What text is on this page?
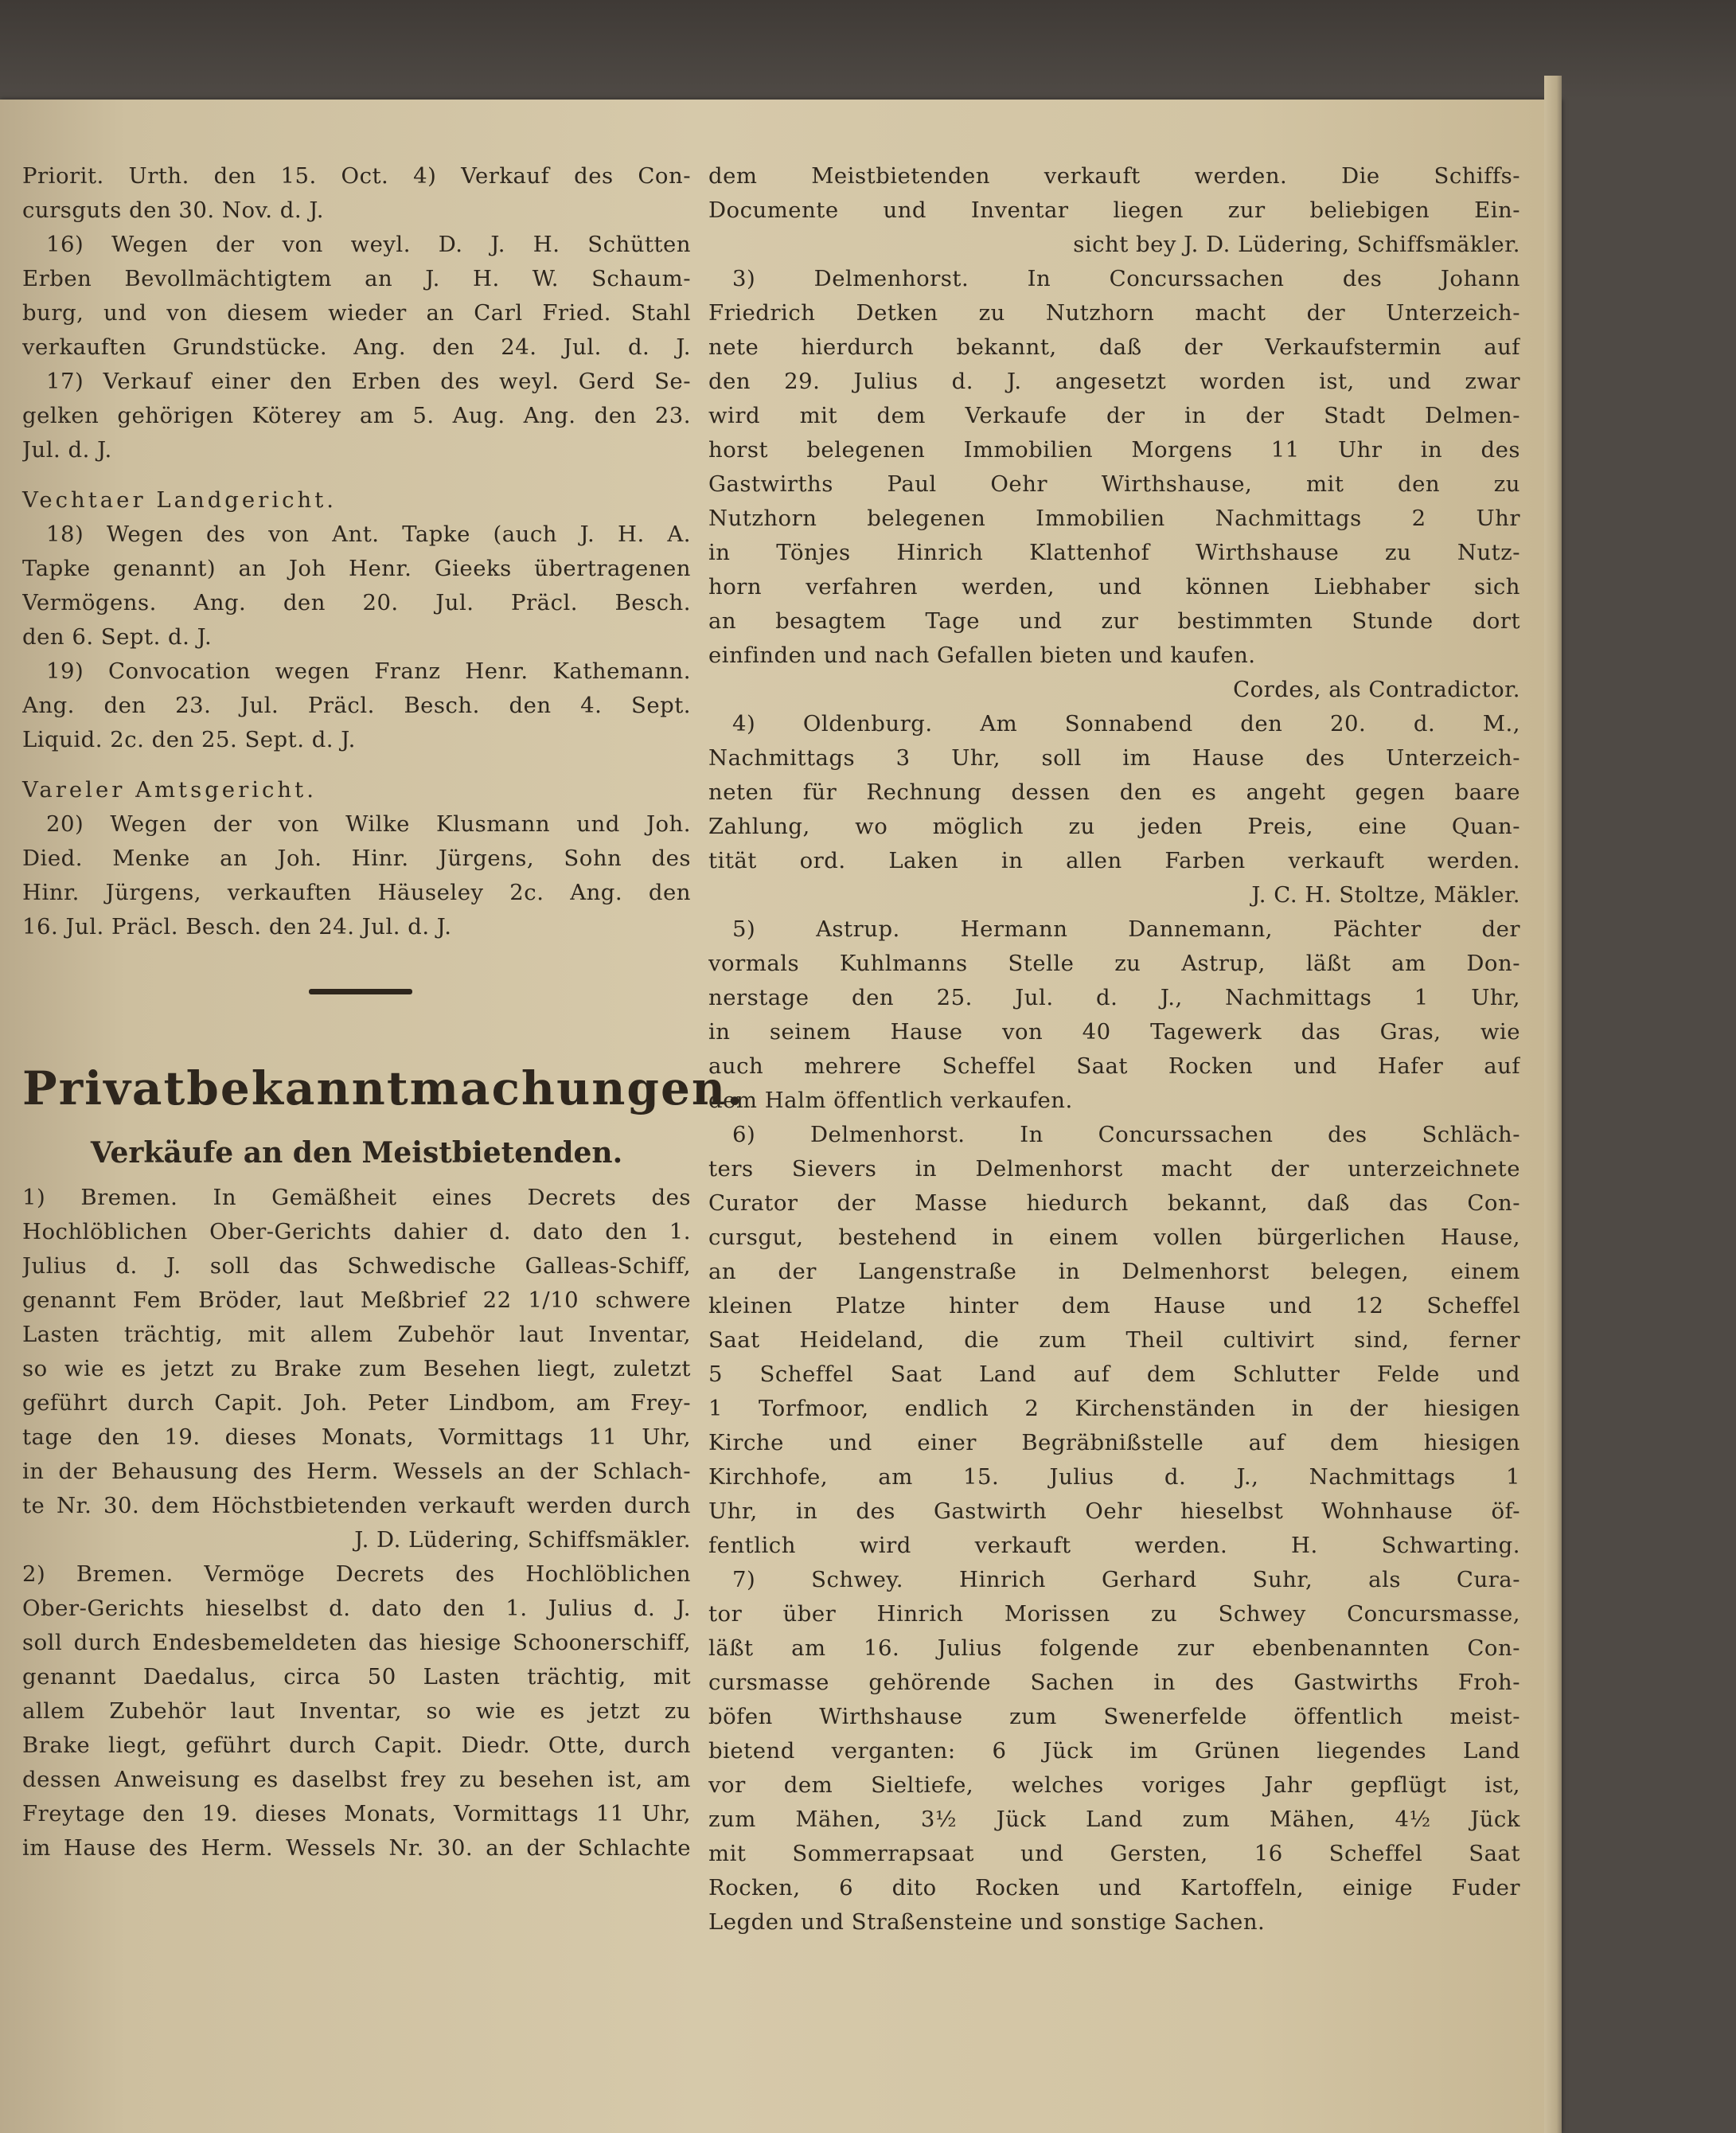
Priorit. Urth. den 15. Oct. 4) Verkauf des Con-
cursguts den 30. Nov. d. J.
16) Wegen der von weyl. D. J. H. Schütten
Erben Bevollmächtigtem an J. H. W. Schaum-
burg, und von diesem wieder an Carl Fried. Stahl
verkauften Grundstücke. Ang. den 24. Jul. d. J.
17) Verkauf einer den Erben des weyl. Gerd Se-
gelken gehörigen Köterey am 5. Aug. Ang. den 23.
Jul. d. J.
Vechtaer Landgericht.
18) Wegen des von Ant. Tapke (auch J. H. A.
Tapke genannt) an Joh Henr. Gieeks übertragenen
Vermögens. Ang. den 20. Jul. Präcl. Besch.
den 6. Sept. d. J.
19) Convocation wegen Franz Henr. Kathemann.
Ang. den 23. Jul. Präcl. Besch. den 4. Sept.
Liquid. 2c. den 25. Sept. d. J.
Vareler Amtsgericht.
20) Wegen der von Wilke Klusmann und Joh.
Died. Menke an Joh. Hinr. Jürgens, Sohn des
Hinr. Jürgens, verkauften Häuseley 2c. Ang. den
16. Jul. Präcl. Besch. den 24. Jul. d. J.
Privatbekanntmachungen.
Verkäufe an den Meistbietenden.
1) Bremen. In Gemäßheit eines Decrets des
Hochlöblichen Ober-Gerichts dahier d. dato den 1.
Julius d. J. soll das Schwedische Galleas-Schiff,
genannt Fem Bröder, laut Meßbrief 22 1/10 schwere
Lasten trächtig, mit allem Zubehör laut Inventar,
so wie es jetzt zu Brake zum Besehen liegt, zuletzt
geführt durch Capit. Joh. Peter Lindbom, am Frey-
tage den 19. dieses Monats, Vormittags 11 Uhr,
in der Behausung des Herm. Wessels an der Schlach-
te Nr. 30. dem Höchstbietenden verkauft werden durch
J. D. Lüdering, Schiffsmäkler.
2) Bremen. Vermöge Decrets des Hochlöblichen
Ober-Gerichts hieselbst d. dato den 1. Julius d. J.
soll durch Endesbemeldeten das hiesige Schoonerschiff,
genannt Daedalus, circa 50 Lasten trächtig, mit
allem Zubehör laut Inventar, so wie es jetzt zu
Brake liegt, geführt durch Capit. Diedr. Otte, durch
dessen Anweisung es daselbst frey zu besehen ist, am
Freytage den 19. dieses Monats, Vormittags 11 Uhr,
im Hause des Herm. Wessels Nr. 30. an der Schlachte
dem Meistbietenden verkauft werden. Die Schiffs-
Documente und Inventar liegen zur beliebigen Ein-
sicht bey J. D. Lüdering, Schiffsmäkler.
3) Delmenhorst. In Concurssachen des Johann
Friedrich Detken zu Nutzhorn macht der Unterzeich-
nete hierdurch bekannt, daß der Verkaufstermin auf
den 29. Julius d. J. angesetzt worden ist, und zwar
wird mit dem Verkaufe der in der Stadt Delmen-
horst belegenen Immobilien Morgens 11 Uhr in des
Gastwirths Paul Oehr Wirthshause, mit den zu
Nutzhorn belegenen Immobilien Nachmittags 2 Uhr
in Tönjes Hinrich Klattenhof Wirthshause zu Nutz-
horn verfahren werden, und können Liebhaber sich
an besagtem Tage und zur bestimmten Stunde dort
einfinden und nach Gefallen bieten und kaufen.
Cordes, als Contradictor.
4) Oldenburg. Am Sonnabend den 20. d. M.,
Nachmittags 3 Uhr, soll im Hause des Unterzeich-
neten für Rechnung dessen den es angeht gegen baare
Zahlung, wo möglich zu jeden Preis, eine Quan-
tität ord. Laken in allen Farben verkauft werden.
J. C. H. Stoltze, Mäkler.
5) Astrup. Hermann Dannemann, Pächter der
vormals Kuhlmanns Stelle zu Astrup, läßt am Don-
nerstage den 25. Jul. d. J., Nachmittags 1 Uhr,
in seinem Hause von 40 Tagewerk das Gras, wie
auch mehrere Scheffel Saat Rocken und Hafer auf
dem Halm öffentlich verkaufen.
6) Delmenhorst. In Concurssachen des Schläch-
ters Sievers in Delmenhorst macht der unterzeichnete
Curator der Masse hiedurch bekannt, daß das Con-
cursgut, bestehend in einem vollen bürgerlichen Hause,
an der Langenstraße in Delmenhorst belegen, einem
kleinen Platze hinter dem Hause und 12 Scheffel
Saat Heideland, die zum Theil cultivirt sind, ferner
5 Scheffel Saat Land auf dem Schlutter Felde und
1 Torfmoor, endlich 2 Kirchenständen in der hiesigen
Kirche und einer Begräbnißstelle auf dem hiesigen
Kirchhofe, am 15. Julius d. J., Nachmittags 1
Uhr, in des Gastwirth Oehr hieselbst Wohnhause öf-
fentlich wird verkauft werden. H. Schwarting.
7) Schwey. Hinrich Gerhard Suhr, als Cura-
tor über Hinrich Morissen zu Schwey Concursmasse,
läßt am 16. Julius folgende zur ebenbenannten Con-
cursmasse gehörende Sachen in des Gastwirths Froh-
böfen Wirthshause zum Swenerfelde öffentlich meist-
bietend verganten: 6 Jück im Grünen liegendes Land
vor dem Sieltiefe, welches voriges Jahr gepflügt ist,
zum Mähen, 3½ Jück Land zum Mähen, 4½ Jück
mit Sommerrapsaat und Gersten, 16 Scheffel Saat
Rocken, 6 dito Rocken und Kartoffeln, einige Fuder
Legden und Straßensteine und sonstige Sachen.
